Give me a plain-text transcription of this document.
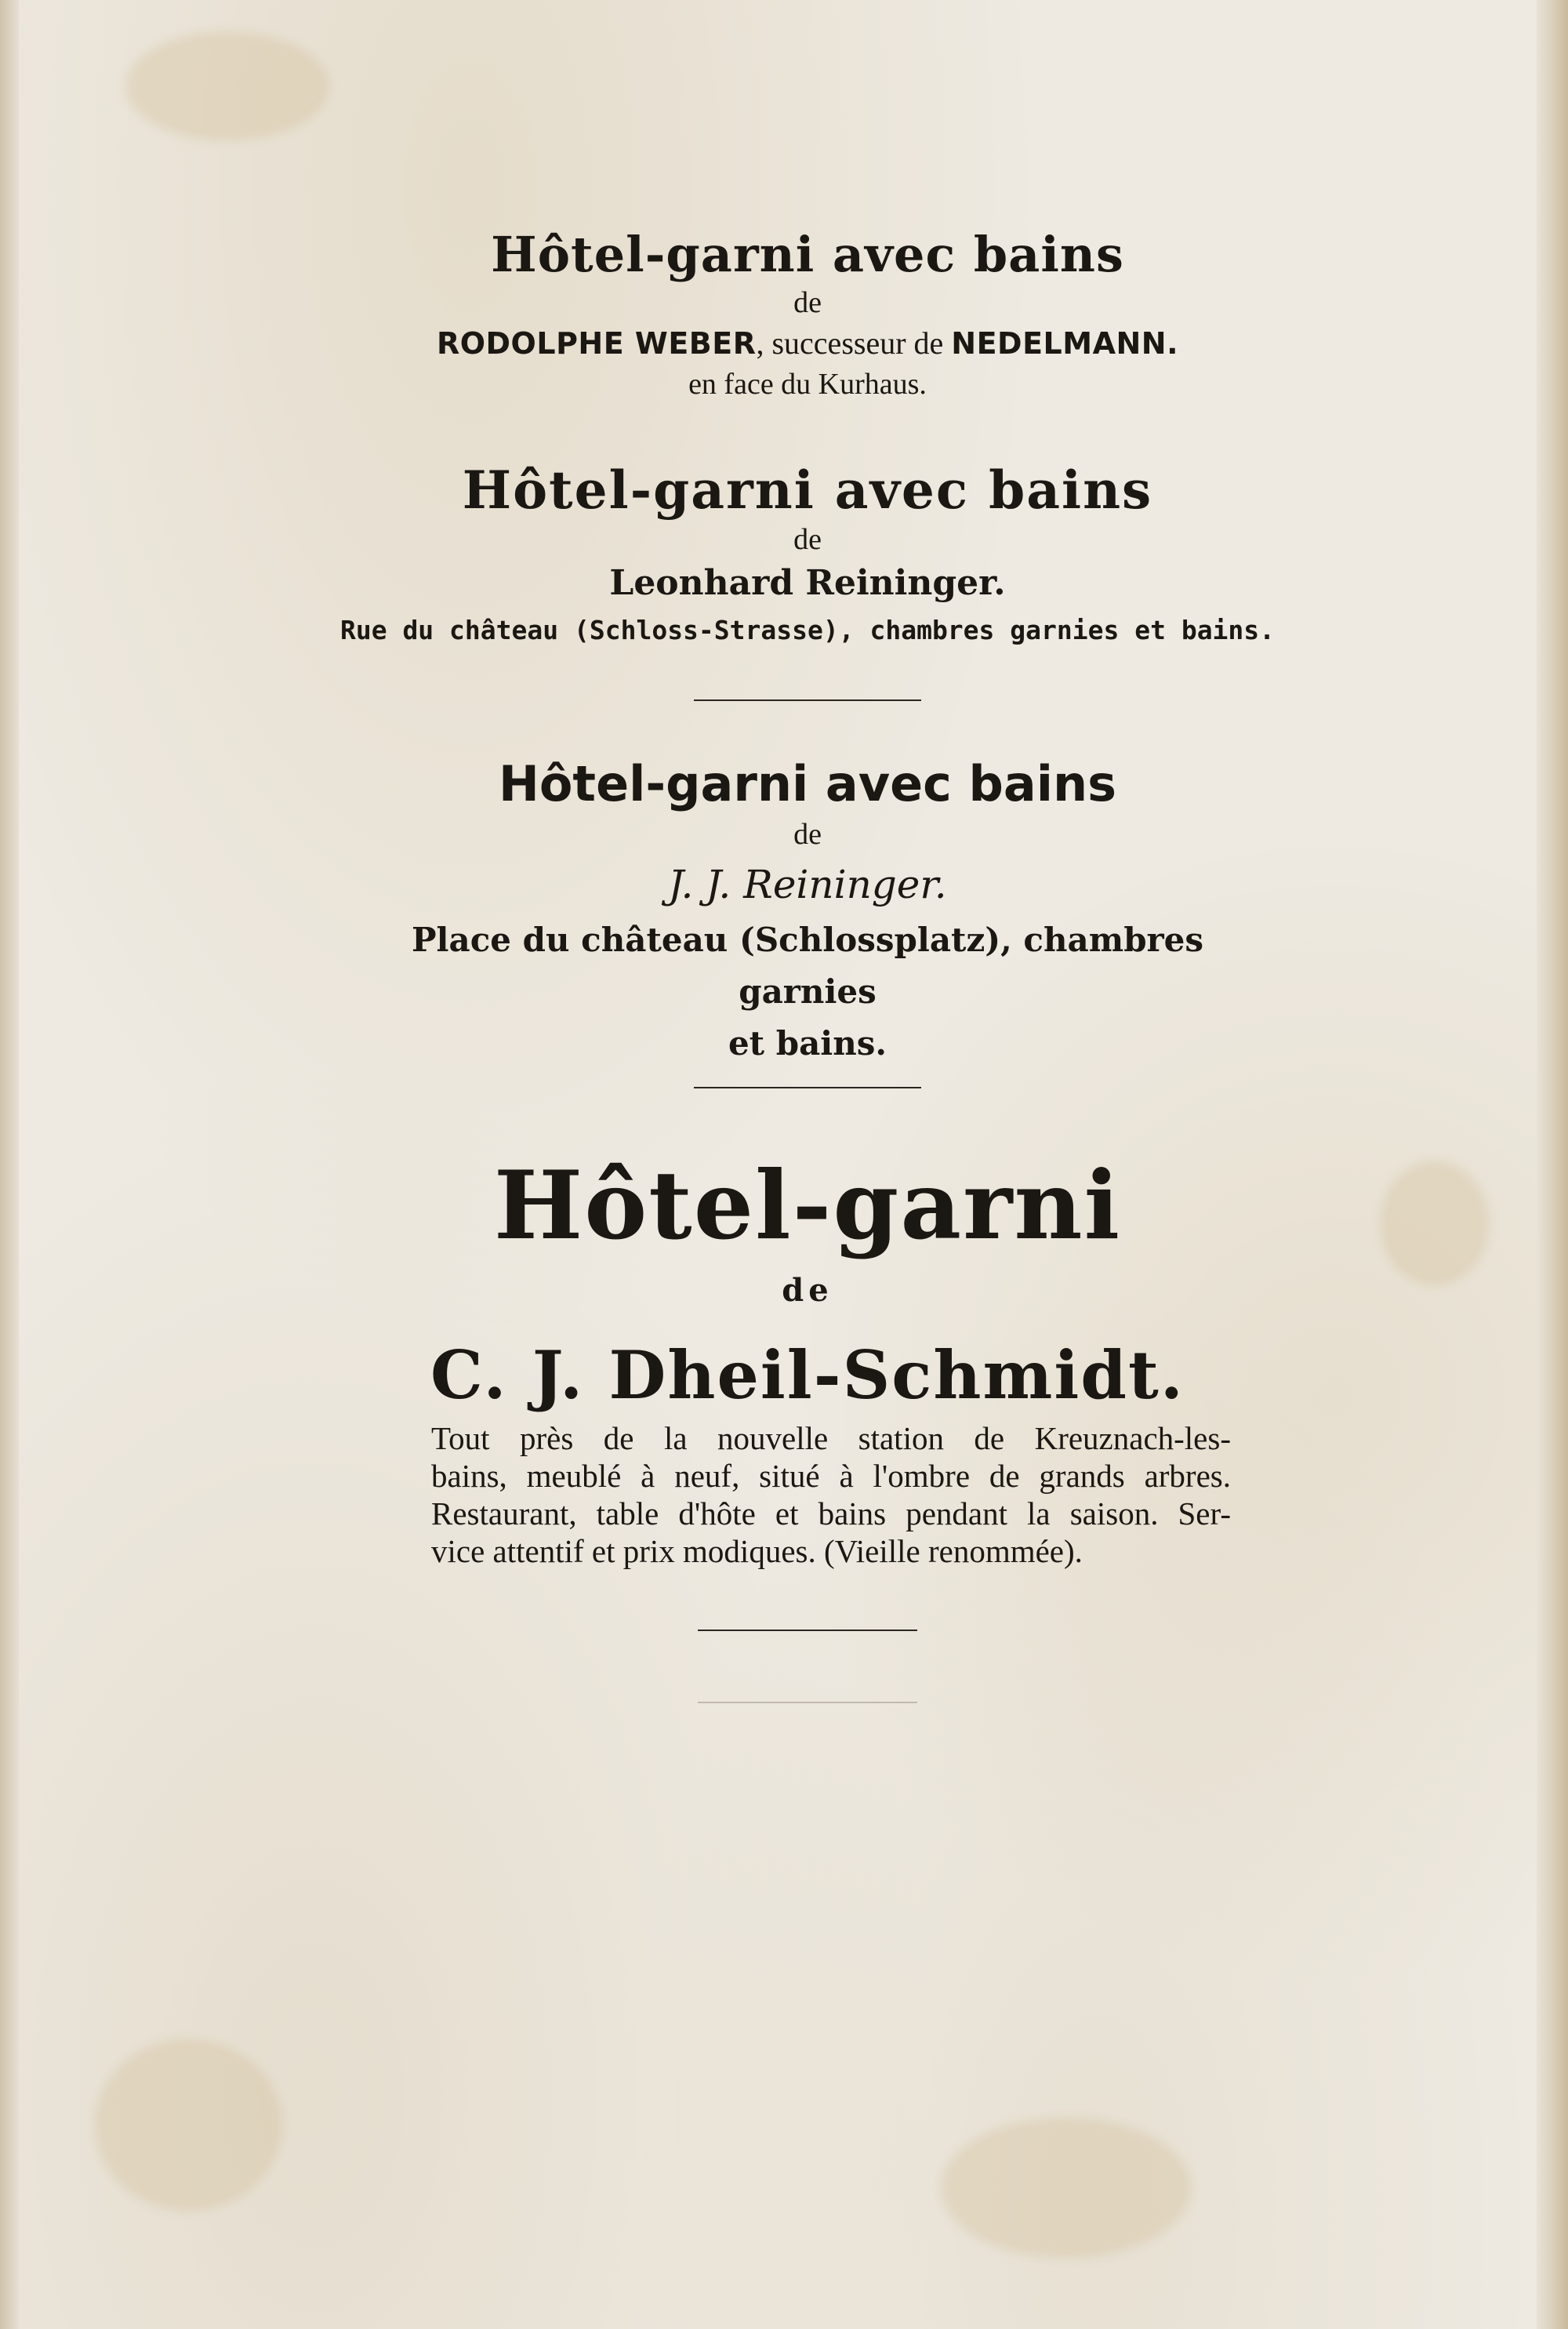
Hôtel-garni avec bains
de
RODOLPHE WEBER, successeur de NEDELMANN.
en face du Kurhaus.
Hôtel-garni avec bains
de
Leonhard Reininger.
Rue du château (Schloss-Strasse), chambres garnies et bains.
Hôtel-garni avec bains
de
J. J. Reininger.
Place du château (Schlossplatz), chambres garnies
et bains.
Hôtel-garni
de
C. J. Dheil-Schmidt.
Tout près de la nouvelle station de Kreuznach-les-
bains, meublé à neuf, situé à l'ombre de grands arbres.
Restaurant, table d'hôte et bains pendant la saison. Ser-
vice attentif et prix modiques. (Vieille renommée).
